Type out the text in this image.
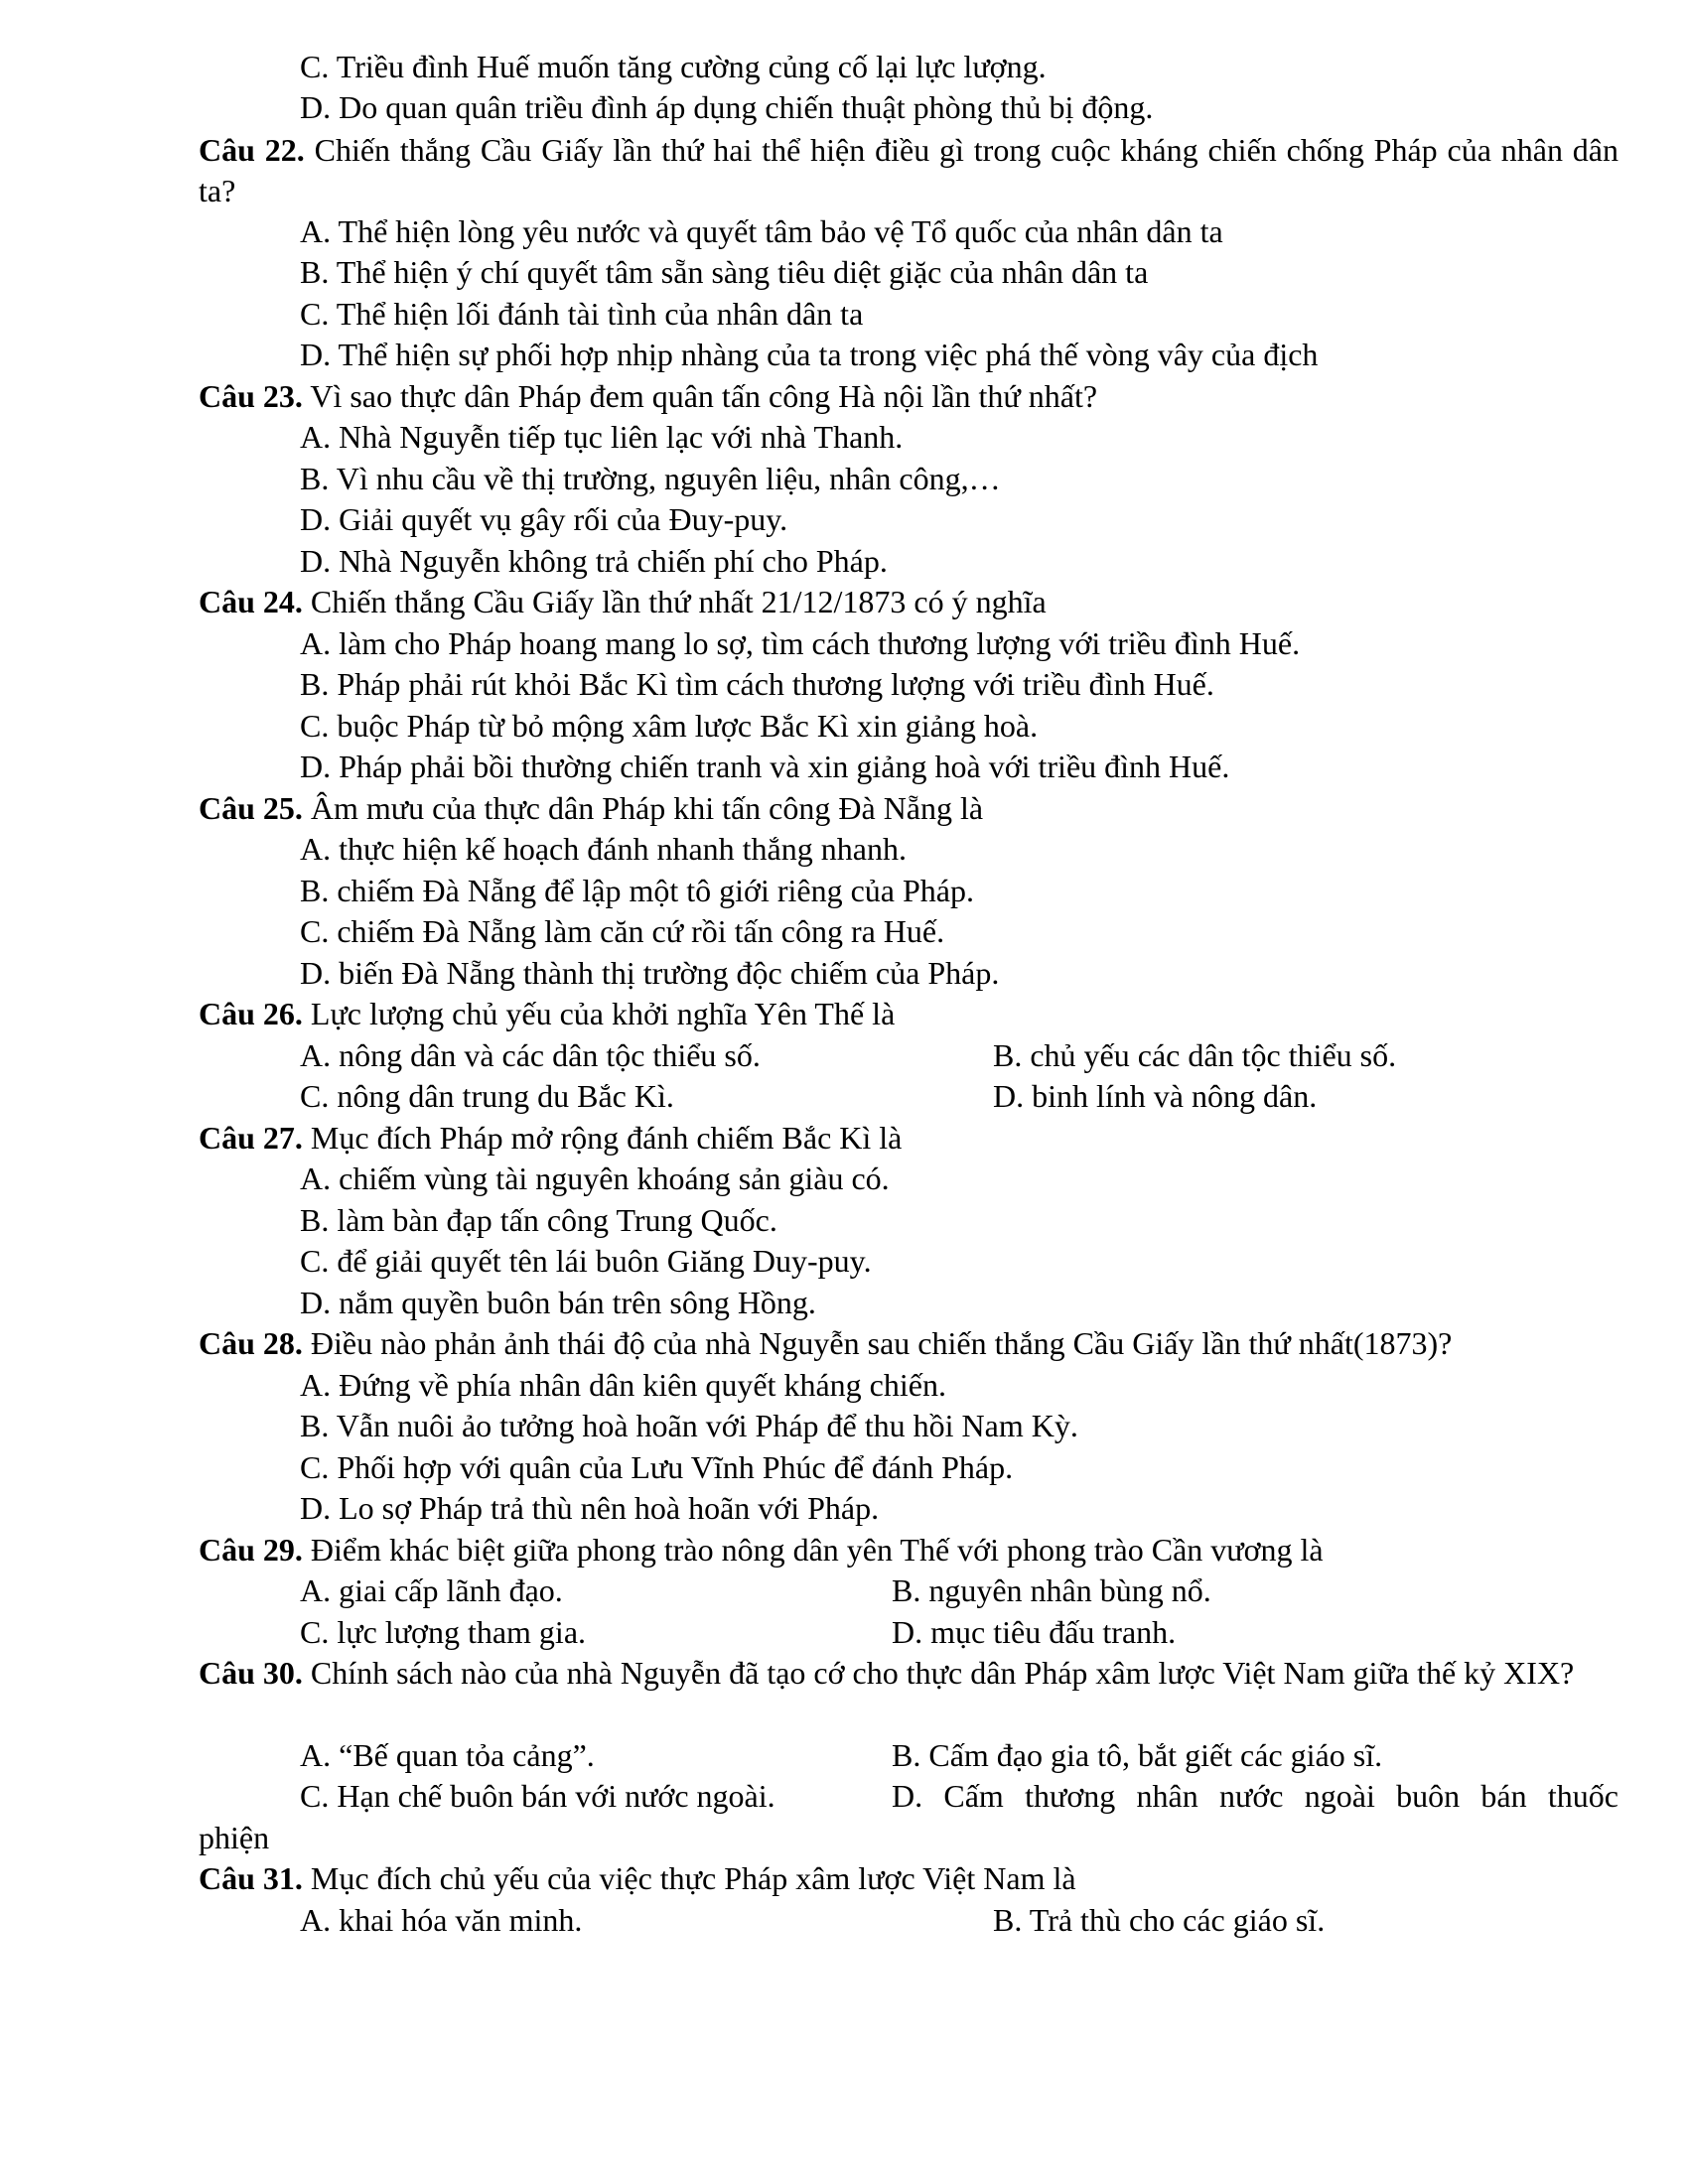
C. Triều đình Huế muốn tăng cường củng cố lại lực lượng.
D. Do quan quân triều đình áp dụng chiến thuật phòng thủ bị động.
Câu 22. Chiến thắng Cầu Giấy lần thứ hai thể hiện điều gì trong cuộc kháng chiến chống Pháp của nhân dân ta?
A. Thể hiện lòng yêu nước và quyết tâm bảo vệ Tổ quốc của nhân dân ta
B. Thể hiện ý chí quyết tâm sẵn sàng tiêu diệt giặc của nhân dân ta
C. Thể hiện lối đánh tài tình của nhân dân ta
D. Thể hiện sự phối hợp nhịp nhàng của ta trong việc phá thế vòng vây của địch
Câu 23. Vì sao thực dân Pháp đem quân tấn công Hà nội lần thứ nhất?
A. Nhà Nguyễn tiếp tục liên lạc với nhà Thanh.
B. Vì nhu cầu về thị trường, nguyên liệu, nhân công,…
D. Giải quyết vụ gây rối của Đuy-puy.
D. Nhà Nguyễn không trả chiến phí cho Pháp.
Câu 24. Chiến thắng Cầu Giấy lần thứ nhất 21/12/1873 có ý nghĩa
A. làm cho Pháp hoang mang lo sợ, tìm cách thương lượng với triều đình Huế.
B. Pháp phải rút khỏi Bắc Kì tìm cách thương lượng với triều đình Huế.
C. buộc Pháp từ bỏ mộng xâm lược Bắc Kì xin giảng hoà.
D. Pháp phải bồi thường chiến tranh và xin giảng hoà với triều đình Huế.
Câu 25. Âm mưu của thực dân Pháp khi tấn công Đà Nẵng là
A. thực hiện kế hoạch đánh nhanh thắng nhanh.
B. chiếm Đà Nẵng để lập một tô giới riêng của Pháp.
C. chiếm Đà Nẵng làm căn cứ rồi tấn công ra Huế.
D. biến Đà Nẵng thành thị trường độc chiếm của Pháp.
Câu 26. Lực lượng chủ yếu của khởi nghĩa Yên Thế là
A. nông dân và các dân tộc thiểu số.	B. chủ yếu các dân tộc thiểu số.
C. nông dân trung du Bắc Kì.	D. binh lính và nông dân.
Câu 27. Mục đích Pháp mở rộng đánh chiếm Bắc Kì là
A. chiếm vùng tài nguyên khoáng sản giàu có.
B. làm bàn đạp tấn công Trung Quốc.
C. để giải quyết tên lái buôn Giăng Duy-puy.
D. nắm quyền buôn bán trên sông Hồng.
Câu 28. Điều nào phản ảnh thái độ của nhà Nguyễn sau chiến thắng Cầu Giấy lần thứ nhất(1873)?
A. Đứng về phía nhân dân kiên quyết kháng chiến.
B. Vẫn nuôi ảo tưởng hoà hoãn với Pháp để thu hồi Nam Kỳ.
C. Phối hợp với quân của Lưu Vĩnh Phúc để đánh Pháp.
D. Lo sợ Pháp trả thù nên hoà hoãn với Pháp.
Câu 29. Điểm khác biệt giữa phong trào nông dân yên Thế với phong trào Cần vương là
A. giai cấp lãnh đạo.	B. nguyên nhân bùng nổ.
C. lực lượng tham gia.	D. mục tiêu đấu tranh.
Câu 30. Chính sách nào của nhà Nguyễn đã tạo cớ cho thực dân Pháp xâm lược Việt Nam giữa thế kỷ XIX?
A. “Bế quan tỏa cảng”.	B. Cấm đạo gia tô, bắt giết các giáo sĩ.
C. Hạn chế buôn bán với nước ngoài.	D. Cấm thương nhân nước ngoài buôn bán thuốc
phiện
Câu 31. Mục đích chủ yếu của việc thực Pháp xâm lược Việt Nam là
A. khai hóa văn minh.	B. Trả thù cho các giáo sĩ.
